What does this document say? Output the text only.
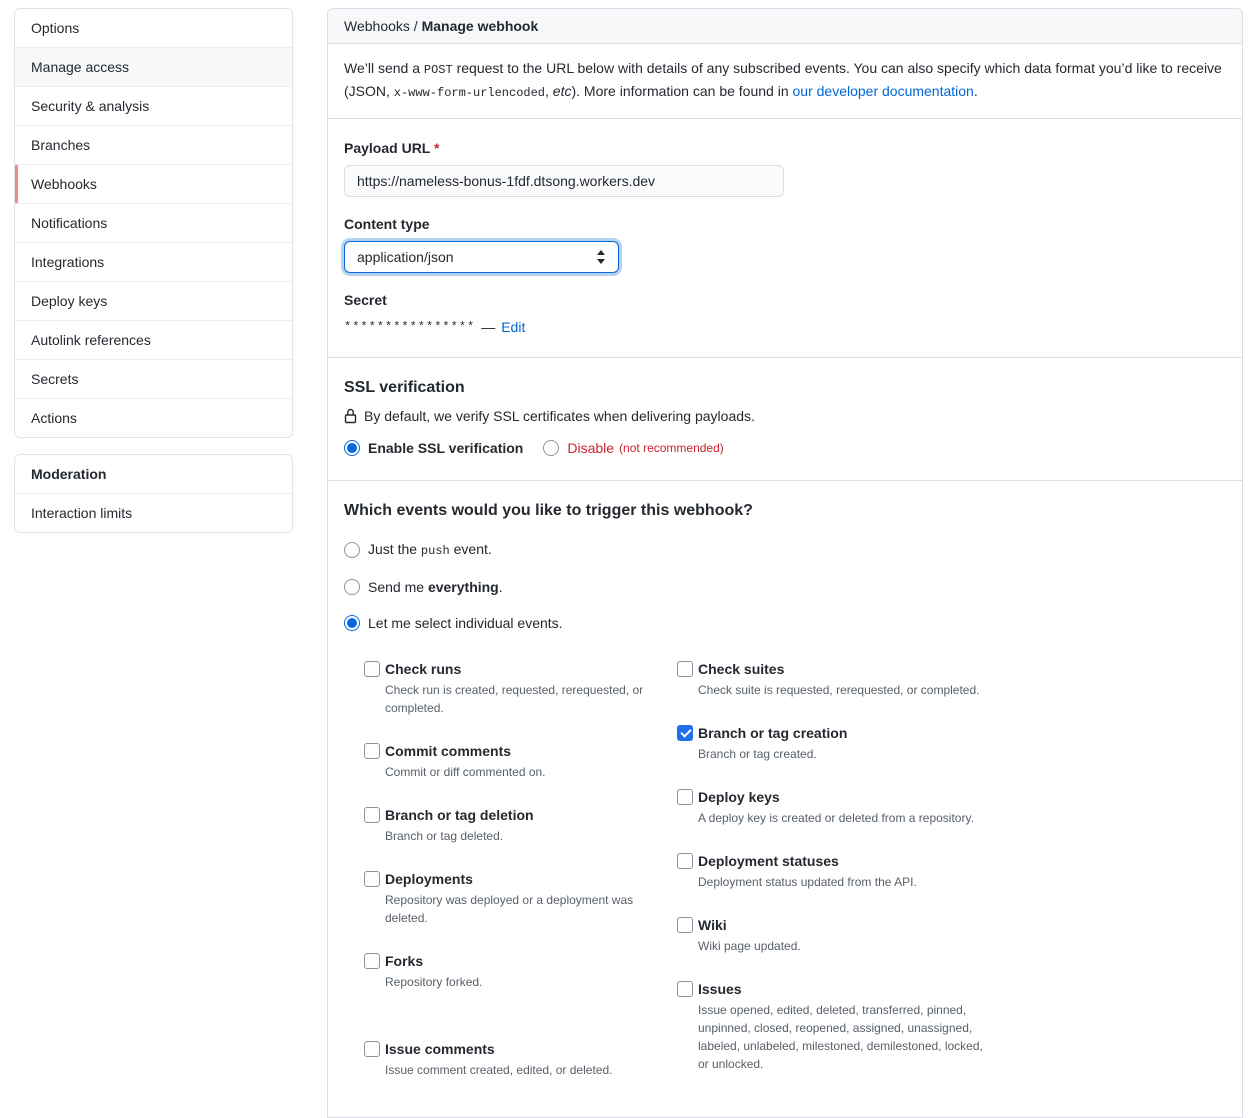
Options
Manage access
Security & analysis
Branches
Webhooks
Notifications
Integrations
Deploy keys
Autolink references
Secrets
Actions
Moderation
Interaction limits
Webhooks / Manage webhook
We’ll send a POST request to the URL below with details of any subscribed events. You can also specify which data format you’d like to receive (JSON, x-www-form-urlencoded, etc). More information can be found in our developer documentation.
Payload URL *
https://nameless-bonus-1fdf.dtsong.workers.dev
Content type
application/json
Secret
**************** — Edit
SSL verification
By default, we verify SSL certificates when delivering payloads.
Enable SSL verification	Disable (not recommended)
Which events would you like to trigger this webhook?
Just the push event.
Send me everything.
Let me select individual events.
Check runs
Check run is created, requested, rerequested, or completed.
Commit comments
Commit or diff commented on.
Branch or tag deletion
Branch or tag deleted.
Deployments
Repository was deployed or a deployment was deleted.
Forks
Repository forked.
Issue comments
Issue comment created, edited, or deleted.
Check suites
Check suite is requested, rerequested, or completed.
Branch or tag creation
Branch or tag created.
Deploy keys
A deploy key is created or deleted from a repository.
Deployment statuses
Deployment status updated from the API.
Wiki
Wiki page updated.
Issues
Issue opened, edited, deleted, transferred, pinned, unpinned, closed, reopened, assigned, unassigned, labeled, unlabeled, milestoned, demilestoned, locked, or unlocked.
